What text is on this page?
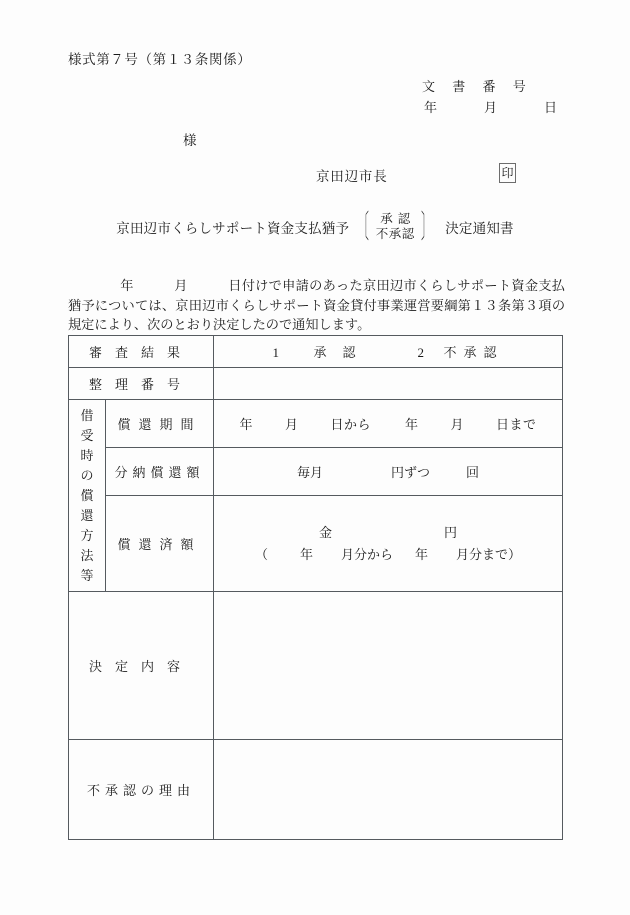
様式第７号（第１３条関係）
文 書 番 号
年　　月　　日
様
京田辺市長	印
京田辺市くらしサポート資金支払猶予 〔 承認
不承認 〕 決定通知書
年　　　月　　　日付けで申請のあった京田辺市くらしサポート資金支払猶予については、京田辺市くらしサポート資金貸付事業運営要綱第１３条第３項の規定により、次のとおり決定したので通知します。
審査結果		1 承認 2 不承認
整理番号		

借
受
時
の
償
還
方
法
等
	償還期間	年 月 日から	年 月 日まで
	分納償還額	毎月 円ずつ 回
	償還済額	金 円
（ 年 月分から 年 月分まで）

決定内容		
不承認の理由		
